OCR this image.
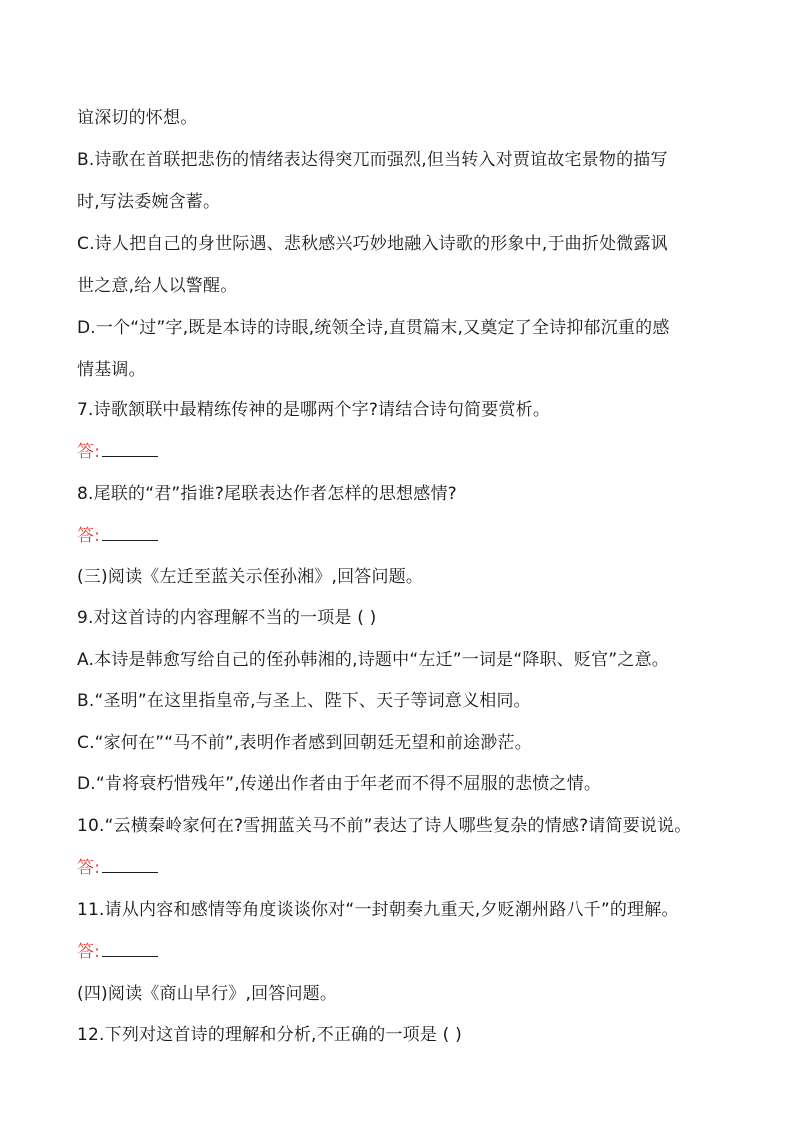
谊深切的怀想。
B.诗歌在首联把悲伤的情绪表达得突兀而强烈,但当转入对贾谊故宅景物的描写
时,写法委婉含蓄。
C.诗人把自己的身世际遇、悲秋感兴巧妙地融入诗歌的形象中,于曲折处微露讽
世之意,给人以警醒。
D.一个“过”字,既是本诗的诗眼,统领全诗,直贯篇末,又奠定了全诗抑郁沉重的感
情基调。
7.诗歌颔联中最精练传神的是哪两个字?请结合诗句简要赏析。
答:
8.尾联的“君”指谁?尾联表达作者怎样的思想感情?
答:
(三)阅读《左迁至蓝关示侄孙湘》,回答问题。
9.对这首诗的内容理解不当的一项是 ( )
A.本诗是韩愈写给自己的侄孙韩湘的,诗题中“左迁”一词是“降职、贬官”之意。
B.“圣明”在这里指皇帝,与圣上、陛下、天子等词意义相同。
C.“家何在”“马不前”,表明作者感到回朝廷无望和前途渺茫。
D.“肯将衰朽惜残年”,传递出作者由于年老而不得不屈服的悲愤之情。
10.“云横秦岭家何在?雪拥蓝关马不前”表达了诗人哪些复杂的情感?请简要说说。
答:
11.请从内容和感情等角度谈谈你对“一封朝奏九重天,夕贬潮州路八千”的理解。
答:
(四)阅读《商山早行》,回答问题。
12.下列对这首诗的理解和分析,不正确的一项是 ( )
